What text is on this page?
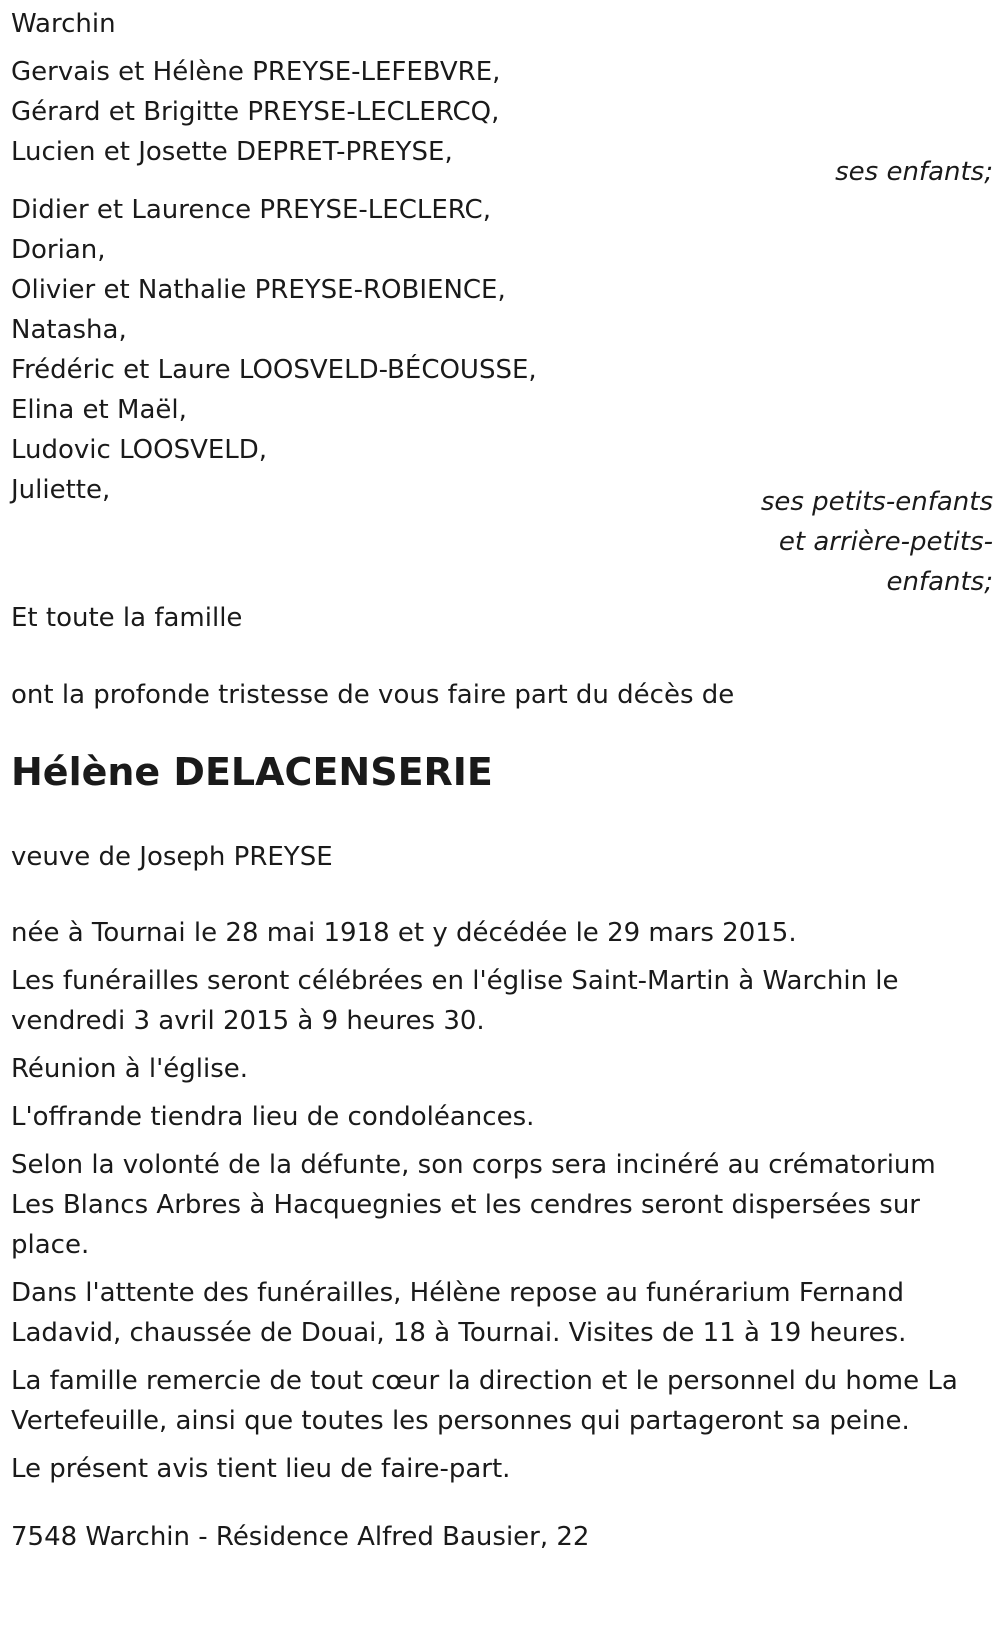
Warchin
Gervais et Hélène PREYSE-LEFEBVRE,
Gérard et Brigitte PREYSE-LECLERCQ,
Lucien et Josette DEPRET-PREYSE,
ses enfants;
Didier et Laurence PREYSE-LECLERC,
Dorian,
Olivier et Nathalie PREYSE-ROBIENCE,
Natasha,
Frédéric et Laure LOOSVELD-BÉCOUSSE,
Elina et Maël,
Ludovic LOOSVELD,
Juliette,	ses petits-enfants
et arrière-petits-
enfants;
Et toute la famille
ont la profonde tristesse de vous faire part du décès de
Hélène DELACENSERIE
veuve de Joseph PREYSE

née à Tournai le 28 mai 1918 et y décédée le 29 mars 2015.

Les funérailles seront célébrées en l'église Saint-Martin à Warchin le
vendredi 3 avril 2015 à 9 heures 30.

Réunion à l'église.

L'offrande tiendra lieu de condoléances.

Selon la volonté de la défunte, son corps sera incinéré au crématorium
Les Blancs Arbres à Hacquegnies et les cendres seront dispersées sur
place.

Dans l'attente des funérailles, Hélène repose au funérarium Fernand
Ladavid, chaussée de Douai, 18 à Tournai. Visites de 11 à 19 heures.

La famille remercie de tout cœur la direction et le personnel du home La
Vertefeuille, ainsi que toutes les personnes qui partageront sa peine.

Le présent avis tient lieu de faire-part.

7548 Warchin - Résidence Alfred Bausier, 22
